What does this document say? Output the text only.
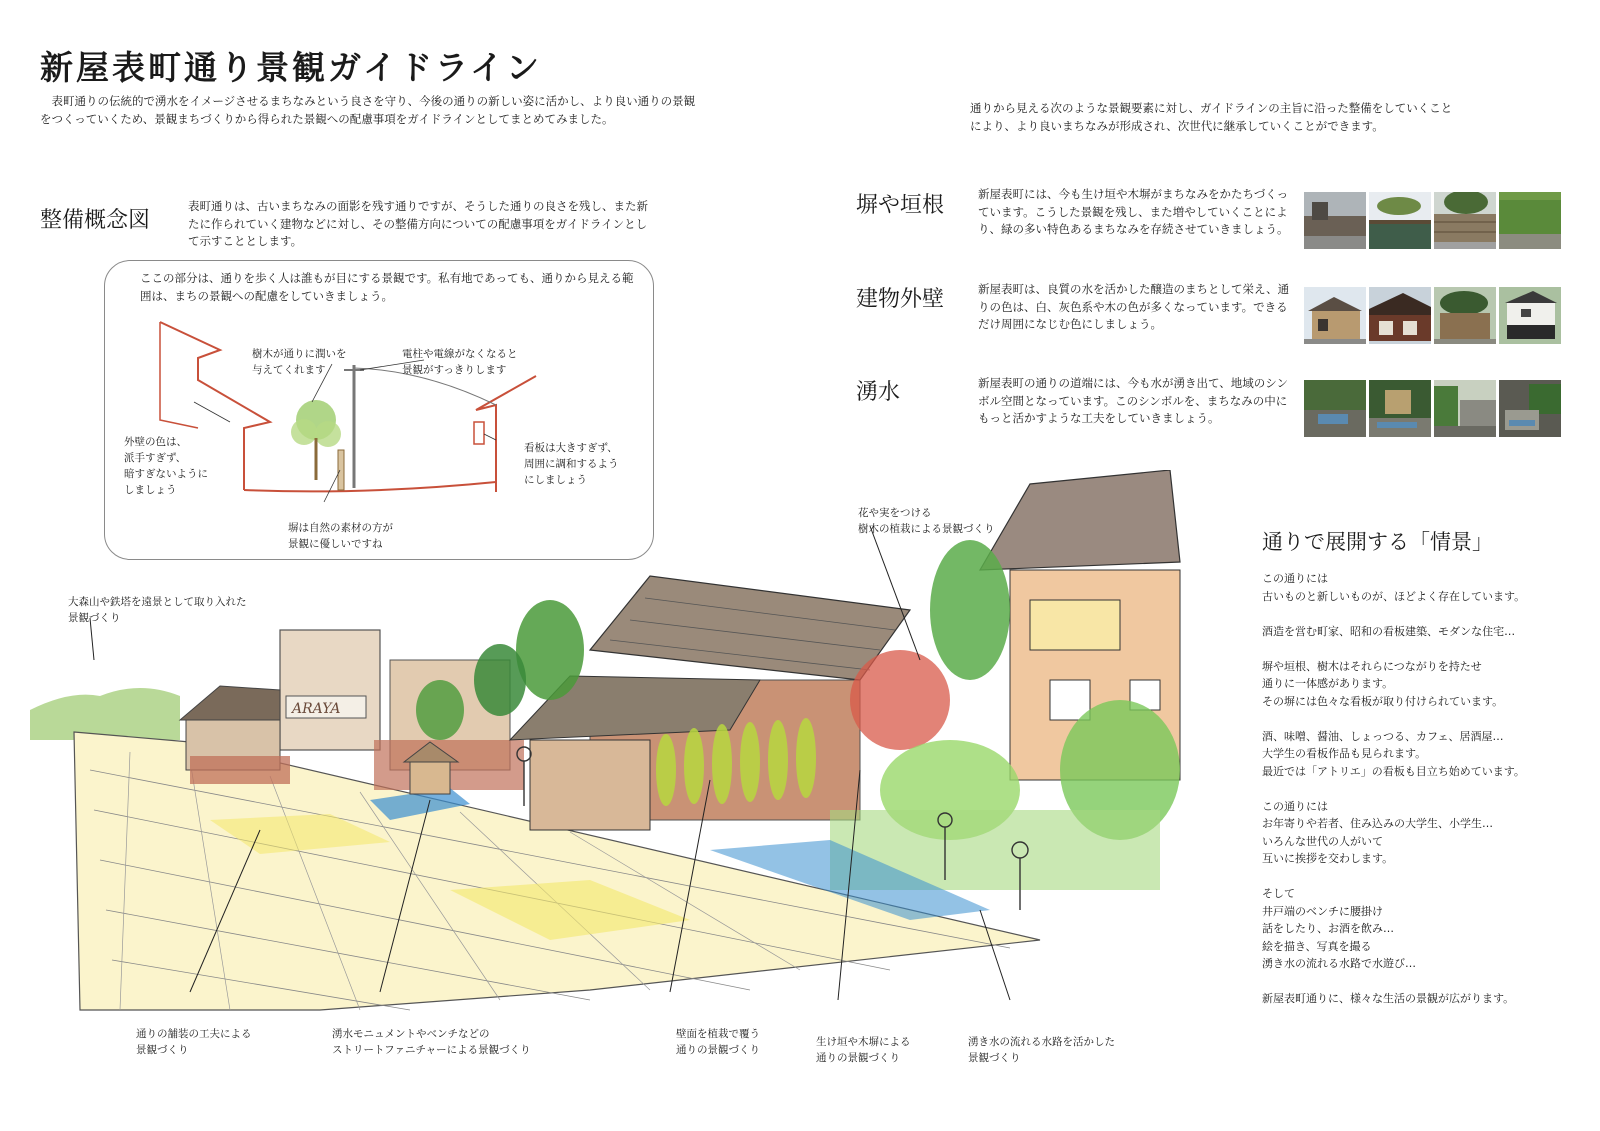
新屋表町通り景観ガイドライン
　表町通りの伝統的で湧水をイメージさせるまちなみという良さを守り、今後の通りの新しい姿に活かし、より良い通りの景観をつくっていくため、景観まちづくりから得られた景観への配慮事項をガイドラインとしてまとめてみました。
通りから見える次のような景観要素に対し、ガイドラインの主旨に沿った整備をしていくことにより、より良いまちなみが形成され、次世代に継承していくことができます。
整備概念図
表町通りは、古いまちなみの面影を残す通りですが、そうした通りの良さを残し、また新たに作られていく建物などに対し、その整備方向についての配慮事項をガイドラインとして示すこととします。
ここの部分は、通りを歩く人は誰もが目にする景観です。私有地であっても、通りから見える範囲は、まちの景観への配慮をしていきましょう。
樹木が通りに潤いを
与えてくれます
電柱や電線がなくなると
景観がすっきりします
外壁の色は、
派手すぎず、
暗すぎないように
しましょう
看板は大きすぎず、
周囲に調和するよう
にしましょう
塀は自然の素材の方が
景観に優しいですね
塀や垣根	新屋表町には、今も生け垣や木塀がまちなみをかたちづくっています。こうした景観を残し、また増やしていくことにより、緑の多い特色あるまちなみを存続させていきましょう。
建物外壁	新屋表町は、良質の水を活かした醸造のまちとして栄え、通りの色は、白、灰色系や木の色が多くなっています。できるだけ周囲になじむ色にしましょう。
湧水	新屋表町の通りの道端には、今も水が湧き出て、地域のシンボル空間となっています。このシンボルを、まちなみの中にもっと活かすような工夫をしていきましょう。
ARAYA
大森山や鉄塔を遠景として取り入れた
景観づくり
花や実をつける
樹木の植栽による景観づくり
通りの舗装の工夫による
景観づくり
湧水モニュメントやベンチなどの
ストリートファニチャーによる景観づくり
壁面を植栽で覆う
通りの景観づくり
生け垣や木塀による
通りの景観づくり
湧き水の流れる水路を活かした
景観づくり
通りで展開する「情景」

この通りには
古いものと新しいものが、ほどよく存在しています。

酒造を営む町家、昭和の看板建築、モダンな住宅…

塀や垣根、樹木はそれらにつながりを持たせ
通りに一体感があります。
その塀には色々な看板が取り付けられています。

酒、味噌、醤油、しょっつる、カフェ、居酒屋…
大学生の看板作品も見られます。
最近では「アトリエ」の看板も目立ち始めています。

この通りには
お年寄りや若者、住み込みの大学生、小学生…
いろんな世代の人がいて
互いに挨拶を交わします。

そして
井戸端のベンチに腰掛け
話をしたり、お酒を飲み…
絵を描き、写真を撮る
湧き水の流れる水路で水遊び…

新屋表町通りに、様々な生活の景観が広がります。
